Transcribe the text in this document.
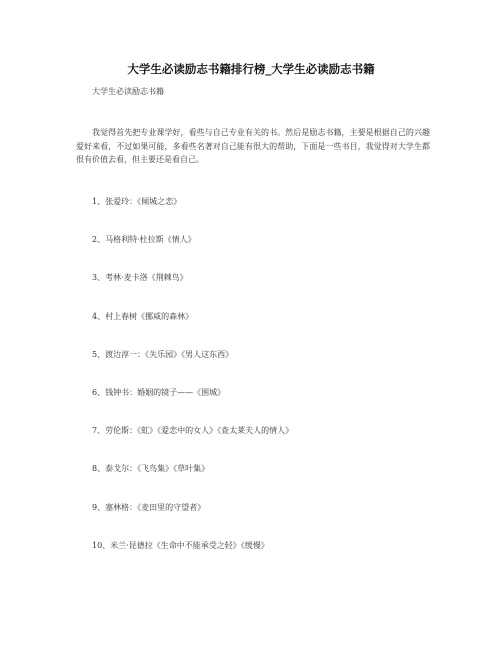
大学生必读励志书籍排行榜_大学生必读励志书籍
大学生必读励志书籍

我觉得首先把专业课学好，看些与自己专业有关的书。然后是励志书籍，主要是根据自己的兴趣爱好来看，不过如果可能，多看些名著对自己能有很大的帮助，下面是一些书目，我觉得对大学生都很有价值去看，但主要还是看自己。

1、张爱玲：《倾城之恋》
2、马格利特·杜拉斯《情人》
3、考林·麦卡洛《荆棘鸟》
4、村上春树《挪威的森林》
5、渡边淳一：《失乐园》《男人这东西》
6、钱钟书：婚姻的镜子——《围城》
7、劳伦斯：《虹》《爱恋中的女人》《查太莱夫人的情人》
8、泰戈尔：《飞鸟集》《草叶集》
9、塞林格：《麦田里的守望者》
10、米兰·昆德拉《生命中不能承受之轻》《缓慢》
